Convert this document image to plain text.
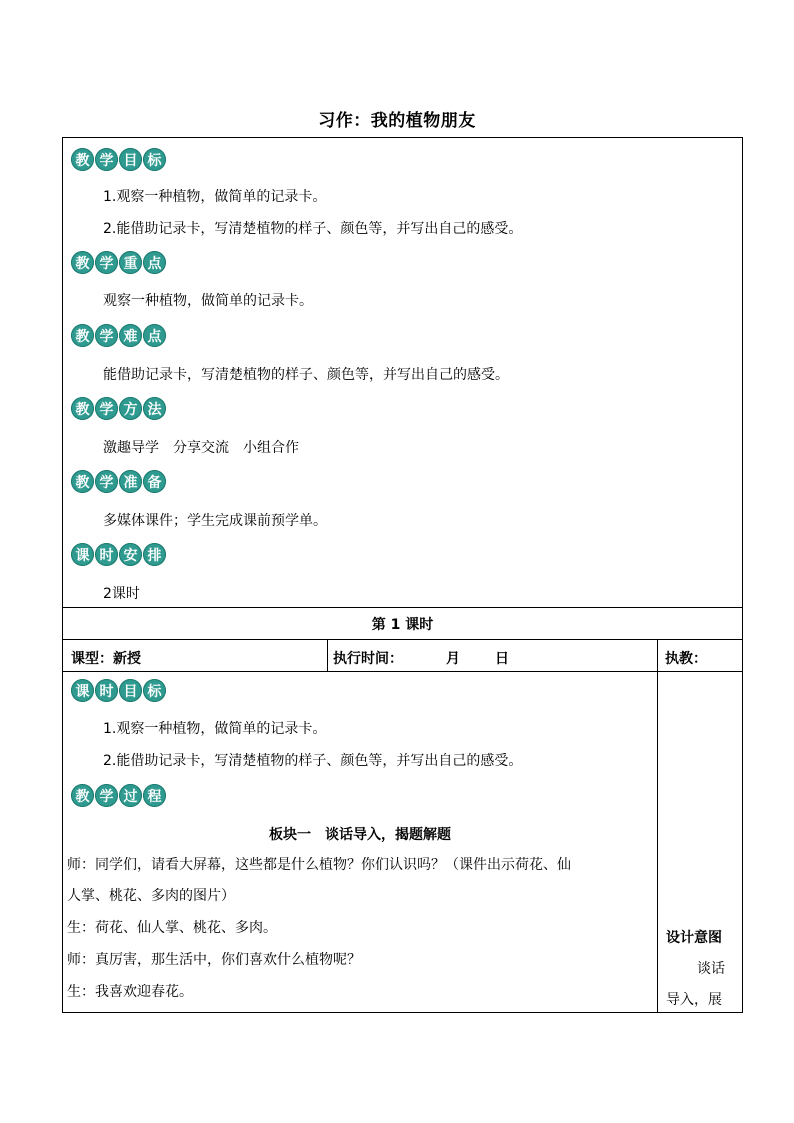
习作：我的植物朋友
教 学 目 标
1.观察一种植物，做简单的记录卡。
2.能借助记录卡，写清楚植物的样子、颜色等，并写出自己的感受。
教 学 重 点
观察一种植物，做简单的记录卡。
教 学 难 点
能借助记录卡，写清楚植物的样子、颜色等，并写出自己的感受。
教 学 方 法
激趣导学　分享交流　小组合作
教 学 准 备
多媒体课件；学生完成课前预学单。
课 时 安 排
2课时
第 1 课时
课型：新授	执行时间：	月	日	执教：
课 时 目 标
1.观察一种植物，做简单的记录卡。
2.能借助记录卡，写清楚植物的样子、颜色等，并写出自己的感受。
教 学 过 程
板块一　谈话导入，揭题解题
师：同学们，请看大屏幕，这些都是什么植物？你们认识吗？（课件出示荷花、仙
人掌、桃花、多肉的图片）
生：荷花、仙人掌、桃花、多肉。
师：真厉害，那生活中，你们喜欢什么植物呢？
生：我喜欢迎春花。
设计意图
谈话
导入，展
